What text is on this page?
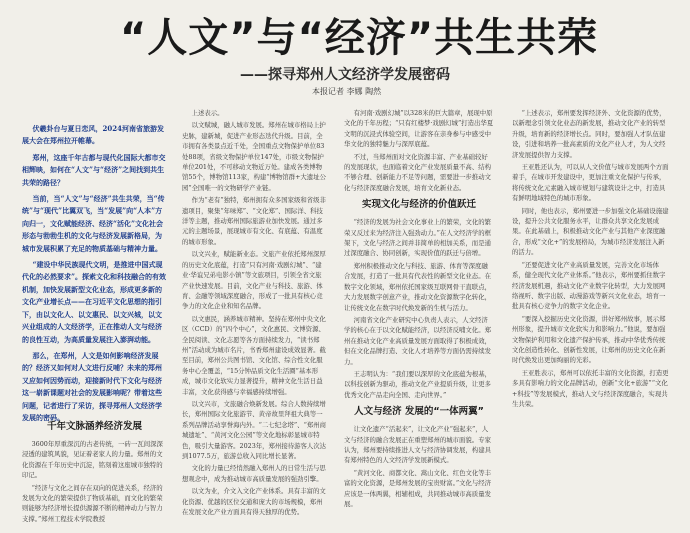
“人文”与“经济”共生共荣
——探寻郑州人文经济学发展密码
本报记者 李娜 陶然

伏羲卦台与夏日恋风，2024河南省旅游发展大会在郑州拉开帷幕。

郑州，这座千年古都与现代化国际大都市交相辉映，如何在“人文”与“经济”之间找到共生共荣的路径？

当前，当“人文”与“经济”共生共荣，当“传统”与“现代”比翼双飞，当“发展”向“人本”方向归一，文化赋能经济、经济“活化”文化社会形态与勃勃生机的文化与经济发展新格局，为城市发展积累了充足的物质基础与精神力量。

“建设中华民族现代文明，是推进中国式现代化的必然要求”。探索文化和科技融合的有效机制，加快发展新型文化业态，形成更多新的文化产业增长点——在习近平文化思想的指引下，由以文化人、以文惠民、以文兴城，以文兴业组成的人文经济学，正在推动人文与经济的良性互动，为高质量发展注入澎湃动能。

那么，在郑州，人文是如何影响经济发展的？经济又如何对人文进行反哺？未来的郑州又应如何因势而动，迎接新时代下文化与经济这一崭新课题对社会的发展影响呢？带着这些问题，记者进行了采访，探寻郑州人文经济学发展的密码。

千年文脉涵养经济发展

3600年厚重深沉的古老传统，一砖一瓦间深深浸透的建筑风貌，见证着老家人的力量。郑州的文化资源在千年历史中沉淀，铭刻着这座城市独特的印记。

“经济与文化之间存在双向的促进关系，经济的发展为文化的繁荣提供了物质基础，而文化的繁荣则能够为经济增长提供源源不断的精神动力与智力支撑。”郑州工程技术学院教授

上述表示。

以文赋城，融人城市发展。郑州在城市格局上护史脉，建新城，促进产业形态迭代升级。目前，全市拥有各类景点近千处，全国重点文物保护单位83处88项，省级文物保护单位147处，市级文物保护单位201处，不可移动文物近万处。建成各类博物馆55个，博物馆113家，构建“博物馆群+大遗址公园”全国唯一的文物研学产业链。

作为“老有”独特，郑州拥有众多国家级和省级非遗项目，聚集“年味郑”、“文化郑”、国际洋、科技洋等主题，推动郑州国际旅游业加快发展。通过多元的主题场景，展现城市有文化、有底蕴、有温度的城市形象。

以文兴业，赋能新业态。文旅产业依托郑州深厚的历史文化底蕴，打造“只有河南·戏剧幻城”、“建业·华谊兄弟电影小镇”等文旅项目，引领全省文旅产业快速发展。目前，文化产业与科技、旅游、体育、金融等领域深度融合，形成了一批具有核心竞争力的文化企业和知名品牌。

以文惠民，涵养城市精神。坚持在郑州中央文化区（CCD）的“四个中心”，文化惠民、文博资源、全民阅读、文化志愿等各方面持续发力，“读书郑州”活动成为城市名片，书香郑州建设成效显著。截至目前，郑州公共图书馆、文化馆、综合性文化服务中心全覆盖，“15分钟品质文化生活圈”基本形成，城市文化软实力显著提升，精神文化生活日益丰富，文化获得感与幸福感持续增强。

以文兴市，文旅融合焕新发展。综合人数持续增长，郑州国际文化旅游节、黄帝故里拜祖大典等一系列品牌活动享誉海内外。“二七纪念塔”、“郑州商城遗址”、“黄河文化公园”等文化地标彰显城市特色，吸引大量游客。2023年，郑州接待游客人次达到1077.5万，旅游总收入同比增长显著。

文化的力量已经悄然融入郑州人的日常生活与思想观念中，成为推动城市高质量发展的强劲引擎。

以文为业，介文入文化产业体系。具有丰富的文化资源、优越的区位交通和庞大的市场规模，郑州在发展文化产业方面具有得天独厚的优势。

有河南·戏剧幻城”以328米的巨大篇章，展现中原文化的千年历程；“只有红楼梦·戏剧幻城”打造出华夏文明的沉浸式体验空间，让游客在亲身参与中感受中华文化的独特魅力与深厚底蕴。

不过，当郑州面对文化资源丰富、产业基础较好的发展现状，也面临着文化产业发展质量不高、结构不够合理、创新能力不足等问题，需要进一步推动文化与经济深度融合发展，培育文化新业态。

实现文化与经济的价值跃迁

“经济的发展为社会文化事业上的繁荣，文化的繁荣又反过来为经济注入强劲动力。”在人文经济学的框架下，文化与经济之间并非简单的相加关系，而是通过深度融合、协同创新，实现价值的跃迁与倍增。

郑州积极推动文化与科技、旅游、体育等深度融合发展，打造了一批具有代表性的新型文化业态。在数字文化领域，郑州依托国家级互联网骨干直联点，大力发展数字创意产业，推动文化资源数字化转化，让传统文化在数字时代焕发新的生机与活力。

河南省文化产业研究中心负责人表示，人文经济学的核心在于以文化赋能经济，以经济反哺文化。郑州在推动文化产业高质量发展方面取得了积极成效，但在文化品牌打造、文化人才培养等方面仍需持续发力。

王志明认为：“我们要以深厚的文化底蕴为根基，以科技创新为驱动，推动文化产业提质升级，让更多优秀文化产品走向全国、走向世界。”

人文与经济 发展的“一体两翼”

让文化遗产“活起来”，让文化产业“强起来”，人文与经济的融合发展正在重塑郑州的城市面貌。专家认为，郑州要持续推进人文与经济协调发展，构建具有郑州特色的人文经济学发展新模式。

“黄河文化、商都文化、嵩山文化、红色文化等丰富的文化资源，是郑州发展的宝贵财富。”文化与经济应该是一体两翼，相辅相成，共同推动城市高质量发展。

“上述表示，郑州要发挥经济外、文化资源的优势，以新理念引领文化业态的新发展，推动文化产业的转型升级，培育新的经济增长点。同时，要加强人才队伍建设，引进和培养一批高素质的文化产业人才，为人文经济发展提供智力支撑。

王亚胜还认为，可以从人文价值与城市发展两个方面着手，在城市开发建设中，更加注重文化保护与传承，将传统文化元素融入城市规划与建筑设计之中，打造具有鲜明地域特色的城市形象。

同时，他也表示，郑州要进一步加强文化基础设施建设，提升公共文化服务水平，让群众共享文化发展成果。在此基础上，积极推动文化产业与其他产业深度融合，形成“文化+”的发展格局，为城市经济发展注入新的活力。

“还要促进文化产业高质量发展，完善文化市场体系，健全现代文化产业体系。”他表示，郑州要抓住数字经济发展机遇，推动文化产业数字化转型，大力发展网络视听、数字出版、动漫游戏等新兴文化业态，培育一批具有核心竞争力的数字文化企业。

“要深入挖掘历史文化资源，讲好郑州故事，展示郑州形象，提升城市文化软实力和影响力。”他说，要加强文物保护利用和文化遗产保护传承，推动中华优秀传统文化创造性转化、创新性发展，让郑州的历史文化在新时代焕发出更加绚丽的光彩。

王亚胜表示，郑州可以依托丰富的文化资源，打造更多具有影响力的文化品牌活动，创新“文化+旅游”“文化+科技”等发展模式，推动人文与经济深度融合，实现共生共荣。
